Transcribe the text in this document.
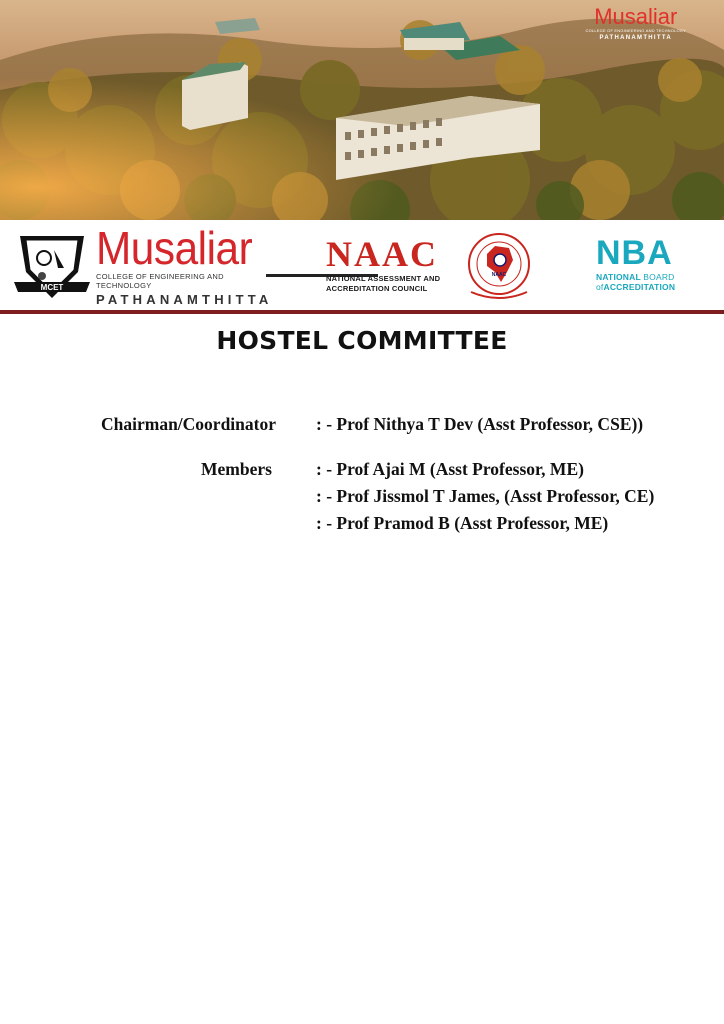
Musaliar
COLLEGE OF ENGINEERING AND TECHNOLOGY
PATHANAMTHITTA
MCET
Musaliar
COLLEGE OF ENGINEERING AND TECHNOLOGY
PATHANAMTHITTA
NAAC
NATIONAL ASSESSMENT AND
ACCREDITATION COUNCIL
NAAC
NBA
NATIONAL BOARD
ofACCREDITATION
HOSTEL COMMITTEE
Chairman/Coordinator : - Prof Nithya T Dev (Asst Professor, CSE))
Members	: - Prof Ajai M (Asst Professor, ME)
: - Prof Jissmol T James, (Asst Professor, CE)
: - Prof Pramod B (Asst Professor, ME)
